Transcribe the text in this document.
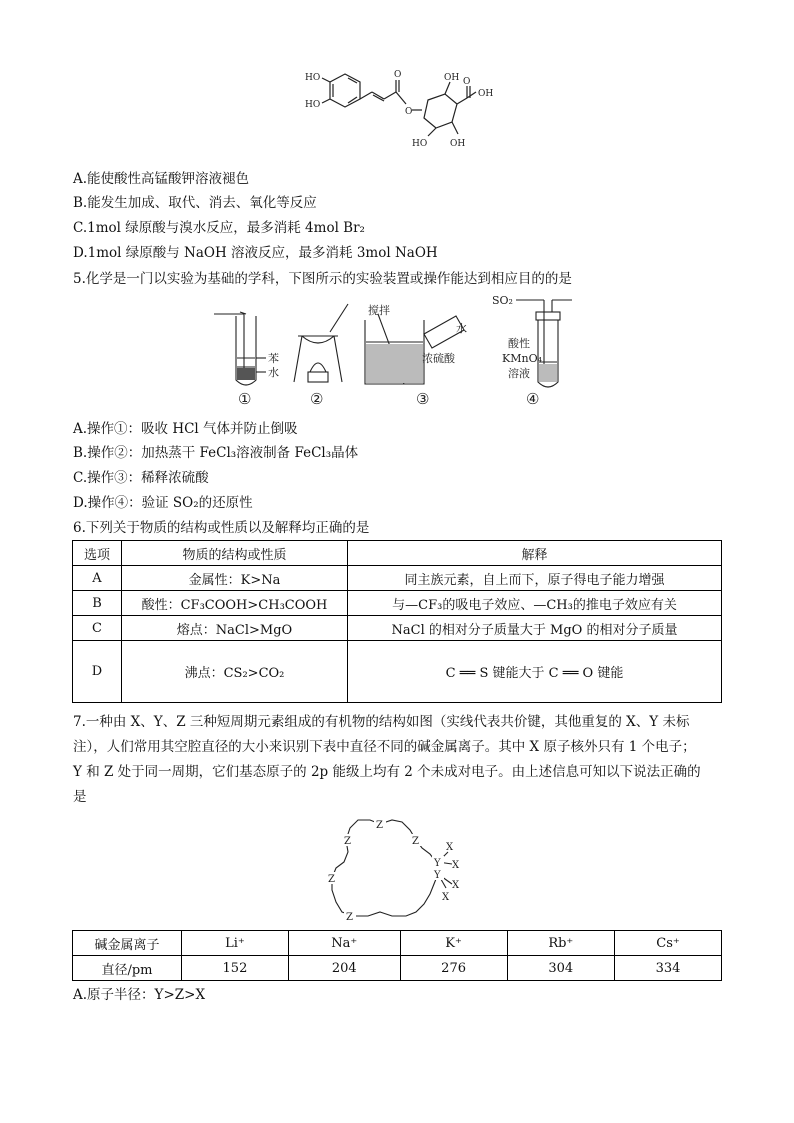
HO
HO
O
O
OH
HO	OH
O
OH
A.能使酸性高锰酸钾溶液褪色
B.能发生加成、取代、消去、氧化等反应
C.1mol 绿原酸与溴水反应，最多消耗 4mol Br₂
D.1mol 绿原酸与 NaOH 溶液反应，最多消耗 3mol NaOH
5.化学是一门以实验为基础的学科，下图所示的实验装置或操作能达到相应目的的是
苯
水
搅拌
水
浓硫酸
SO₂
酸性
KMnO₄
溶液
①	②	③	④
A.操作①：吸收 HCl 气体并防止倒吸
B.操作②：加热蒸干 FeCl₃溶液制备 FeCl₃晶体
C.操作③：稀释浓硫酸
D.操作④：验证 SO₂的还原性
6.下列关于物质的结构或性质以及解释均正确的是
选项	物质的结构或性质	解释
A	金属性：K>Na	同主族元素，自上而下，原子得电子能力增强
B	酸性：CF₃COOH>CH₃COOH	与—CF₃的吸电子效应、—CH₃的推电子效应有关
C	熔点：NaCl>MgO	NaCl 的相对分子质量大于 MgO 的相对分子质量
D	沸点：CS₂>CO₂	C ══ S 键能大于 C ══ O 键能
7.一种由 X、Y、Z 三种短周期元素组成的有机物的结构如图（实线代表共价键，其他重复的 X、Y 未标
注），人们常用其空腔直径的大小来识别下表中直径不同的碱金属离子。其中 X 原子核外只有 1 个电子；
Y 和 Z 处于同一周期，它们基态原子的 2p 能级上均有 2 个未成对电子。由上述信息可知以下说法正确的
是
Z
Z
Z
Z
Z
Y
Y
X
X
X
X
碱金属离子	Li⁺	Na⁺	K⁺	Rb⁺	Cs⁺
直径/pm	152	204	276	304	334
A.原子半径：Y>Z>X
